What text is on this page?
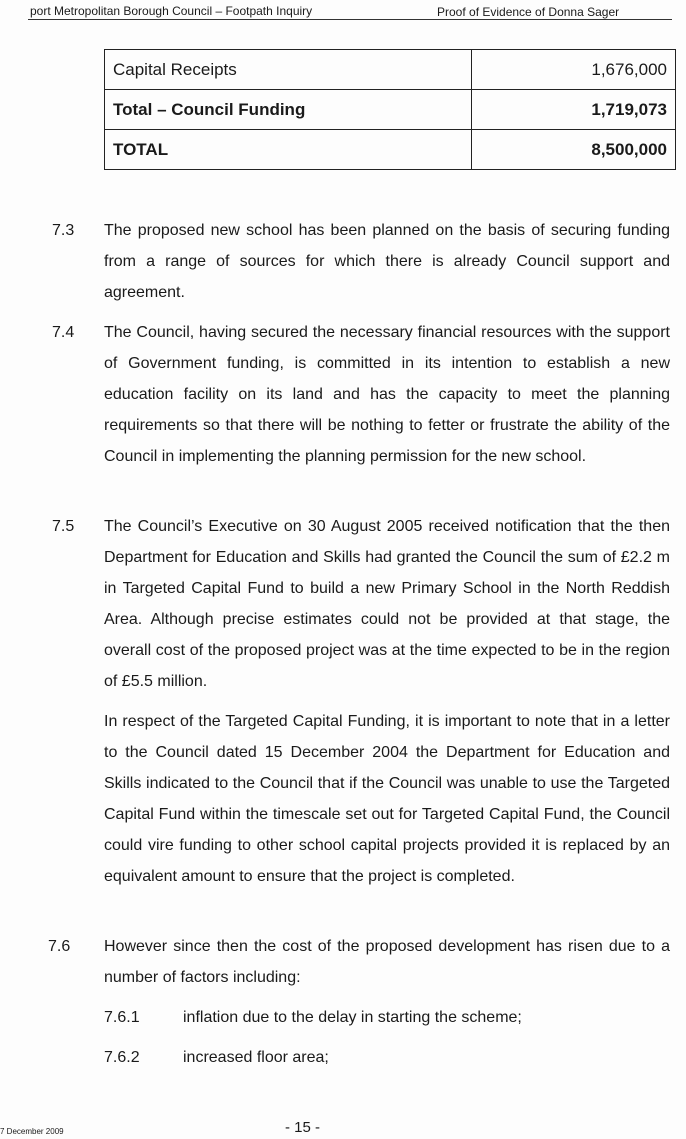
port Metropolitan Borough Council – Footpath Inquiry	Proof of Evidence of Donna Sager
Capital Receipts	1,676,000
Total – Council Funding	1,719,073
TOTAL	8,500,000
7.3 The proposed new school has been planned on the basis of securing funding from a range of sources for which there is already Council support and agreement.
7.4 The Council, having secured the necessary financial resources with the support of Government funding, is committed in its intention to establish a new education facility on its land and has the capacity to meet the planning requirements so that there will be nothing to fetter or frustrate the ability of the Council in implementing the planning permission for the new school.
7.5 The Council’s Executive on 30 August 2005 received notification that the then Department for Education and Skills had granted the Council the sum of £2.2 m in Targeted Capital Fund to build a new Primary School in the North Reddish Area. Although precise estimates could not be provided at that stage, the overall cost of the proposed project was at the time expected to be in the region of £5.5 million.
In respect of the Targeted Capital Funding, it is important to note that in a letter to the Council dated 15 December 2004 the Department for Education and Skills indicated to the Council that if the Council was unable to use the Targeted Capital Fund within the timescale set out for Targeted Capital Fund, the Council could vire funding to other school capital projects provided it is replaced by an equivalent amount to ensure that the project is completed.
7.6 However since then the cost of the proposed development has risen due to a number of factors including:
7.6.1	inflation due to the delay in starting the scheme;
7.6.2	increased floor area;
7 December 2009	- 15 -
